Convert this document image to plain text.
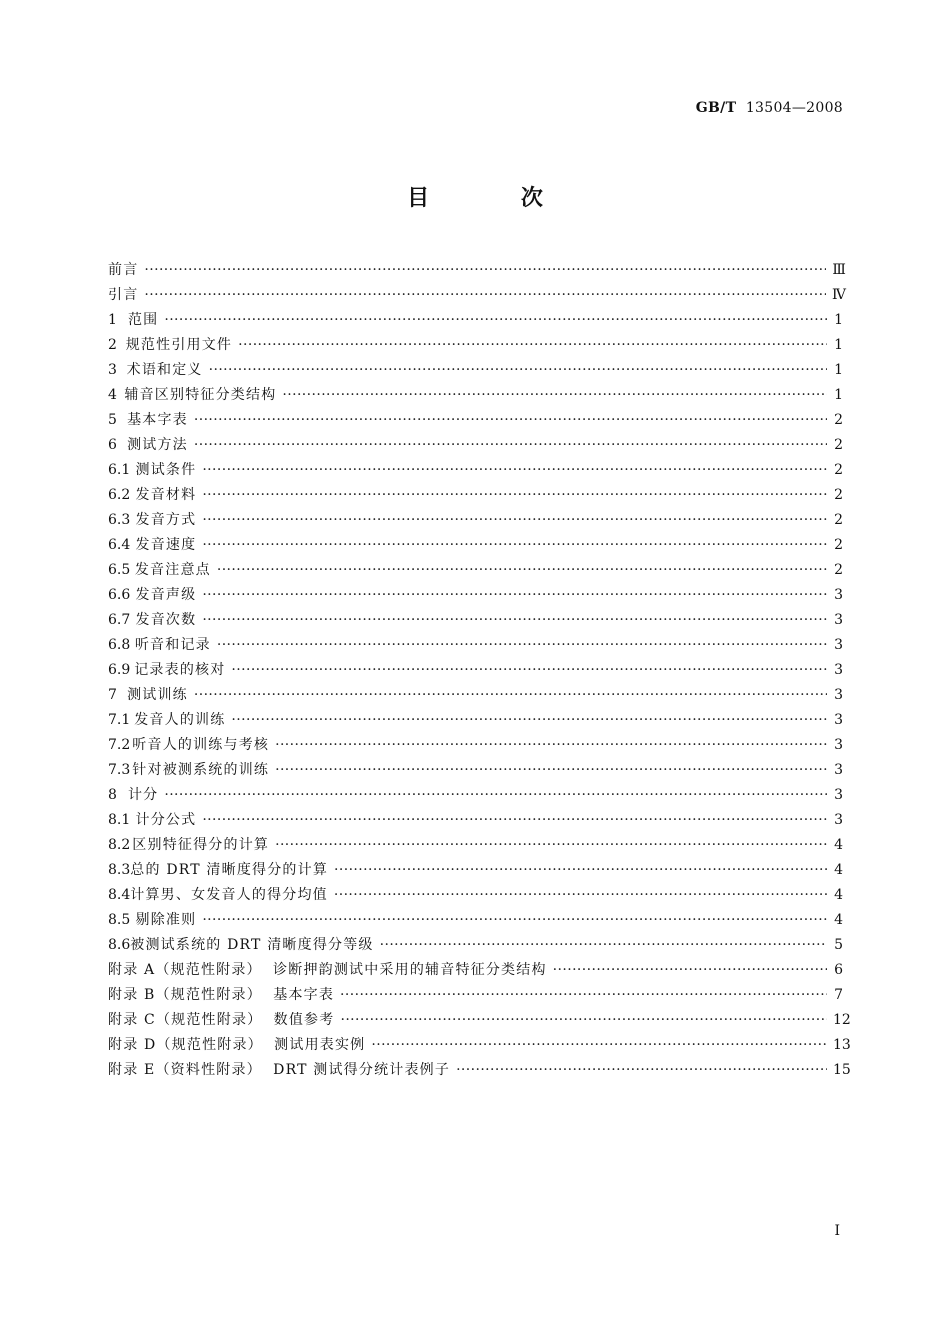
GB/T 13504—2008
目 次
前言 ·····	Ⅲ
引言 ·····	Ⅳ
1 范围 ·····	1
2 规范性引用文件 ·····	1
3 术语和定义 ·····	1
4 辅音区别特征分类结构 ·····	1
5 基本字表 ·····	2
6 测试方法 ·····	2
6.1 测试条件 ·····	2
6.2 发音材料 ·····	2
6.3 发音方式 ·····	2
6.4 发音速度 ·····	2
6.5 发音注意点 ·····	2
6.6 发音声级 ·····	3
6.7 发音次数 ·····	3
6.8 听音和记录 ·····	3
6.9 记录表的核对 ·····	3
7 测试训练 ·····	3
7.1 发音人的训练 ·····	3
7.2 听音人的训练与考核 ·····	3
7.3 针对被测系统的训练 ·····	3
8 计分 ·····	3
8.1 计分公式 ·····	3
8.2 区别特征得分的计算 ·····	4
8.3 总的 DRT 清晰度得分的计算 ·····	4
8.4 计算男、女发音人的得分均值 ·····	4
8.5 剔除准则 ·····	4
8.6 被测试系统的 DRT 清晰度得分等级 ·····	5
附录 A（规范性附录）  诊断押韵测试中采用的辅音特征分类结构 ·····	6
附录 B（规范性附录）  基本字表 ·····	7
附录 C（规范性附录）  数值参考 ·····	12
附录 D（规范性附录）  测试用表实例 ·····	13
附录 E（资料性附录）  DRT 测试得分统计表例子 ·····	15
I
